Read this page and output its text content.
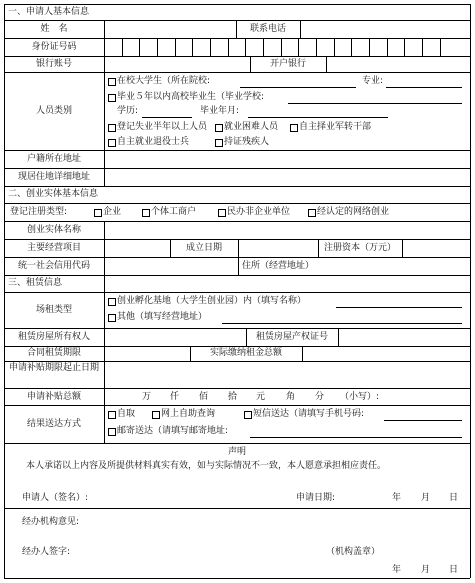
一、申请人基本信息
姓　名	联系电话
身份证号码
银行账号	开户银行
人员类别
在校大学生（所在院校:	专业:
毕业５年以内高校毕业生（毕业学校:
学历:	毕业年月:
登记失业半年以上人员 就业困难人员 自主择业军转干部
自主就业退役士兵	持证残疾人
户籍所在地址
现居住地详细地址
二、创业实体基本信息
登记注册类型:	企业	个体工商户	民办非企业单位	经认定的网络创业
创业实体名称
主要经营项目	成立日期	注册资本（万元）
统一社会信用代码	住所（经营地址）
三、租赁信息
场租类型
创业孵化基地（大学生创业园）内（填写名称）
其他（填写经营地址）
租赁房屋所有权人	租赁房屋产权证号
合同租赁期限	实际缴纳租金总额
申请补贴期限起止日期
申请补贴总额	万 仟 佰 拾 元 角 分 （小写）:
结果送达方式
自取	网上自助查询	短信送达（请填写手机号码:
邮寄送达（请填写邮寄地址:
声明
本人承诺以上内容及所提供材料真实有效，如与实际情况不一致，本人愿意承担相应责任。
申请人（签名）:	申请日期:	年 月 日
经办机构意见:
经办人签字:	（机构盖章）
年 月 日
